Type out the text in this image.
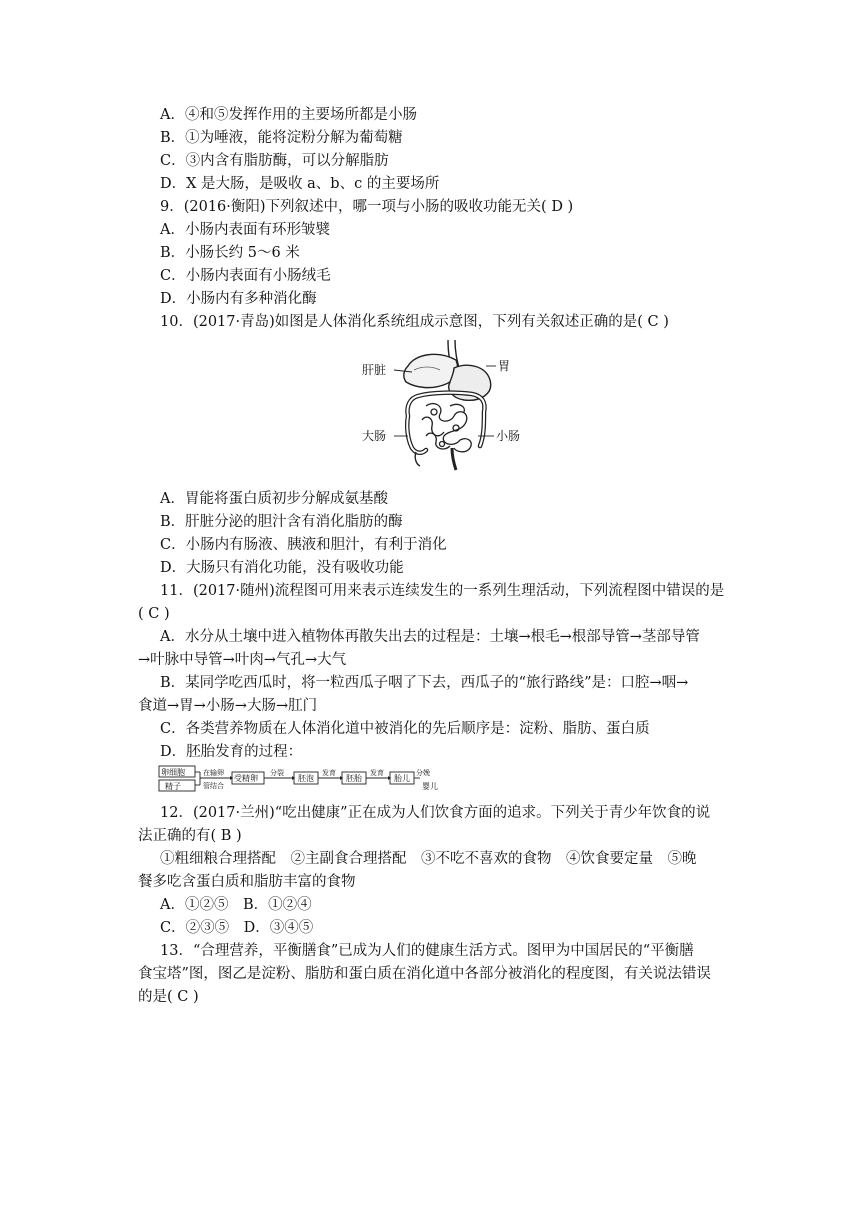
A．④和⑤发挥作用的主要场所都是小肠
B．①为唾液，能将淀粉分解为葡萄糖
C．③内含有脂肪酶，可以分解脂肪
D．X 是大肠，是吸收 a、b、c 的主要场所
9．(2016·衡阳)下列叙述中，哪一项与小肠的吸收功能无关( D )
A．小肠内表面有环形皱襞
B．小肠长约 5～6 米
C．小肠内表面有小肠绒毛
D．小肠内有多种消化酶
10．(2017·青岛)如图是人体消化系统组成示意图，下列有关叙述正确的是( C )
肝脏	胃
大肠	小肠
A．胃能将蛋白质初步分解成氨基酸
B．肝脏分泌的胆汁含有消化脂肪的酶
C．小肠内有肠液、胰液和胆汁，有利于消化
D．大肠只有消化功能，没有吸收功能
11．(2017·随州)流程图可用来表示连续发生的一系列生理活动，下列流程图中错误的是
( C )
A．水分从土壤中进入植物体再散失出去的过程是：土壤→根毛→根部导管→茎部导管
→叶脉中导管→叶肉→气孔→大气
B．某同学吃西瓜时，将一粒西瓜子咽了下去，西瓜子的“旅行路线”是：口腔→咽→
食道→胃→小肠→大肠→肛门
C．各类营养物质在人体消化道中被消化的先后顺序是：淀粉、脂肪、蛋白质
D．胚胎发育的过程：
卵细胞
精子
在输卵
管结合
受精卵
分裂
胚泡
发育
胚胎
发育
胎儿
分娩
婴儿
12．(2017·兰州)“吃出健康”正在成为人们饮食方面的追求。下列关于青少年饮食的说
法正确的有( B )
①粗细粮合理搭配　②主副食合理搭配　③不吃不喜欢的食物　④饮食要定量　⑤晚
餐多吃含蛋白质和脂肪丰富的食物
A．①②⑤　B．①②④
C．②③⑤　D．③④⑤
13．“合理营养，平衡膳食”已成为人们的健康生活方式。图甲为中国居民的“平衡膳
食宝塔”图，图乙是淀粉、脂肪和蛋白质在消化道中各部分被消化的程度图，有关说法错误
的是( C )
